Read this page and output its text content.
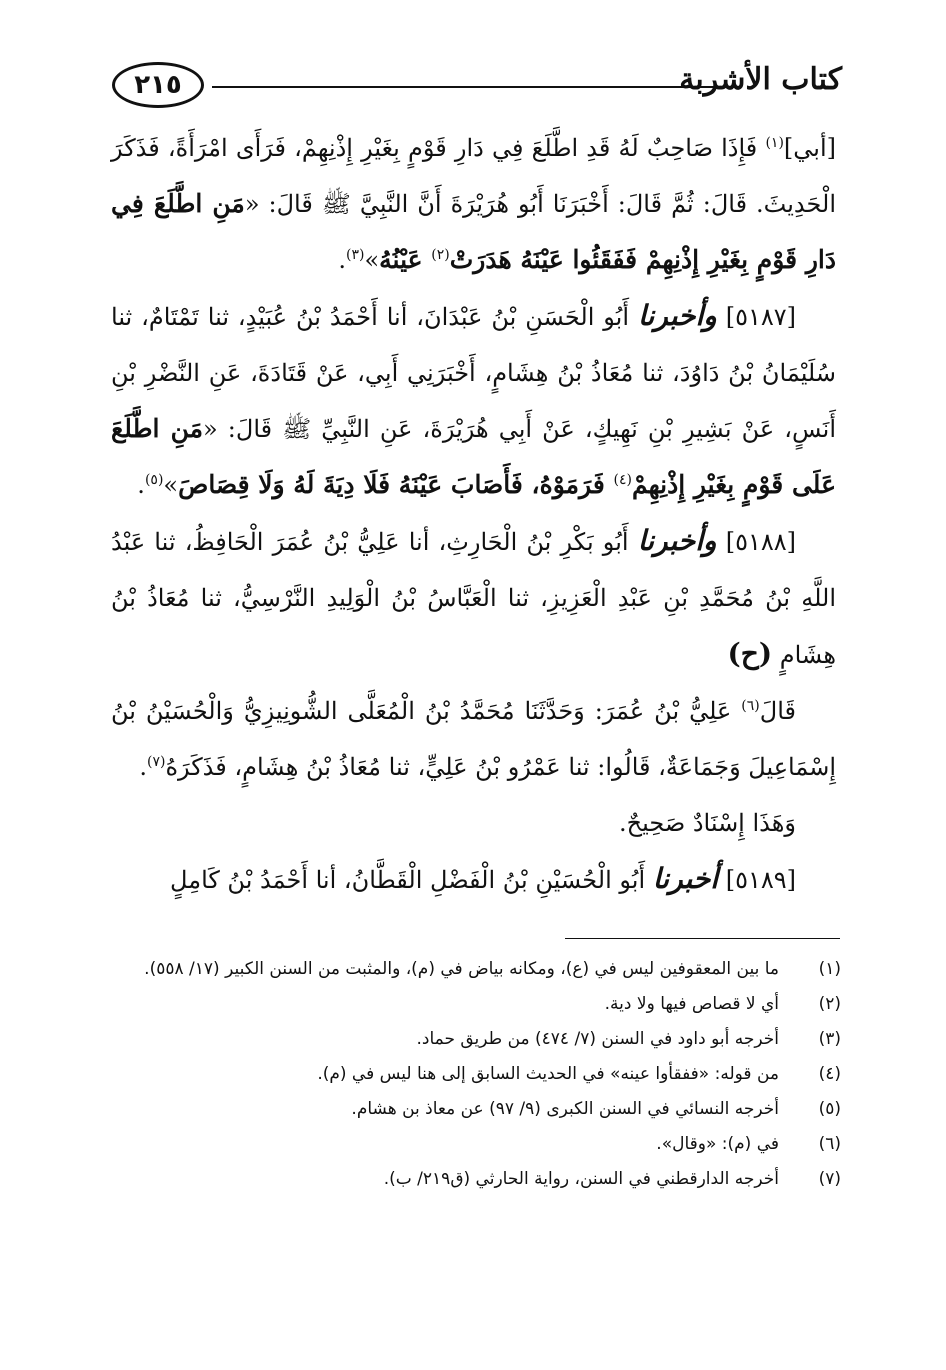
كتاب الأشربة
٢١٥

[أبي]$^{(١)}$ فَإِذَا صَاحِبٌ لَهُ قَدِ اطَّلَعَ فِي دَارِ قَوْمٍ بِغَيْرِ إِذْنِهِمْ، فَرَأَى امْرَأَةً، فَذَكَرَ الْحَدِيثَ. قَالَ: ثُمَّ قَالَ: أَخْبَرَنَا أَبُو هُرَيْرَةَ أَنَّ النَّبِيَّ ﷺ قَالَ: «مَنِ اطَّلَعَ فِي دَارِ قَوْمٍ بِغَيْرِ إِذْنِهِمْ فَفَقَئُوا عَيْنَهُ هَدَرَتْ$^{(٢)}$ عَيْنُهُ»$^{(٣)}$.

[٥١٨٧] وأخبرنا أَبُو الْحَسَنِ بْنُ عَبْدَانَ، أنا أَحْمَدُ بْنُ عُبَيْدٍ، ثنا تَمْتَامٌ، ثنا سُلَيْمَانُ بْنُ دَاوُدَ، ثنا مُعَاذُ بْنُ هِشَامٍ، أَخْبَرَنِي أَبِي، عَنْ قَتَادَةَ، عَنِ النَّضْرِ بْنِ أَنَسٍ، عَنْ بَشِيرِ بْنِ نَهِيكٍ، عَنْ أَبِي هُرَيْرَةَ، عَنِ النَّبِيِّ ﷺ قَالَ: «مَنِ اطَّلَعَ عَلَى قَوْمٍ بِغَيْرِ إِذْنِهِمْ$^{(٤)}$ فَرَمَوْهُ، فَأَصَابَ عَيْنَهُ فَلَا دِيَةَ لَهُ وَلَا قِصَاصَ»$^{(٥)}$.

[٥١٨٨] وأخبرنا أَبُو بَكْرِ بْنُ الْحَارِثِ، أنا عَلِيُّ بْنُ عُمَرَ الْحَافِظُ، ثنا عَبْدُ اللَّهِ بْنُ مُحَمَّدِ بْنِ عَبْدِ الْعَزِيزِ، ثنا الْعَبَّاسُ بْنُ الْوَلِيدِ النَّرْسِيُّ، ثنا مُعَاذُ بْنُ هِشَامٍ (ح)

قَالَ$^{(٦)}$ عَلِيُّ بْنُ عُمَرَ: وَحَدَّثَنَا مُحَمَّدُ بْنُ الْمُعَلَّى الشُّونِيزِيُّ وَالْحُسَيْنُ بْنُ إِسْمَاعِيلَ وَجَمَاعَةٌ، قَالُوا: ثنا عَمْرُو بْنُ عَلِيٍّ، ثنا مُعَاذُ بْنُ هِشَامٍ، فَذَكَرَهُ$^{(٧)}$.

وَهَذَا إِسْنَادٌ صَحِيحٌ.

[٥١٨٩] أخبرنا أَبُو الْحُسَيْنِ بْنُ الْفَضْلِ الْقَطَّانُ، أنا أَحْمَدُ بْنُ كَامِلٍ

(١)
ما بين المعقوفين ليس في (ع)، ومكانه بياض في (م)، والمثبت من السنن الكبير (١٧/ ٥٥٨).
(٢)
أي لا قصاص فيها ولا دية.
(٣)
أخرجه أبو داود في السنن (٧/ ٤٧٤) من طريق حماد.
(٤)
من قوله: «ففقأوا عينه» في الحديث السابق إلى هنا ليس في (م).
(٥)
أخرجه النسائي في السنن الكبرى (٩/ ٩٧) عن معاذ بن هشام.
(٦)
في (م): «وقال».
(٧)
أخرجه الدارقطني في السنن، رواية الحارثي (ق٢١٩/ ب).
